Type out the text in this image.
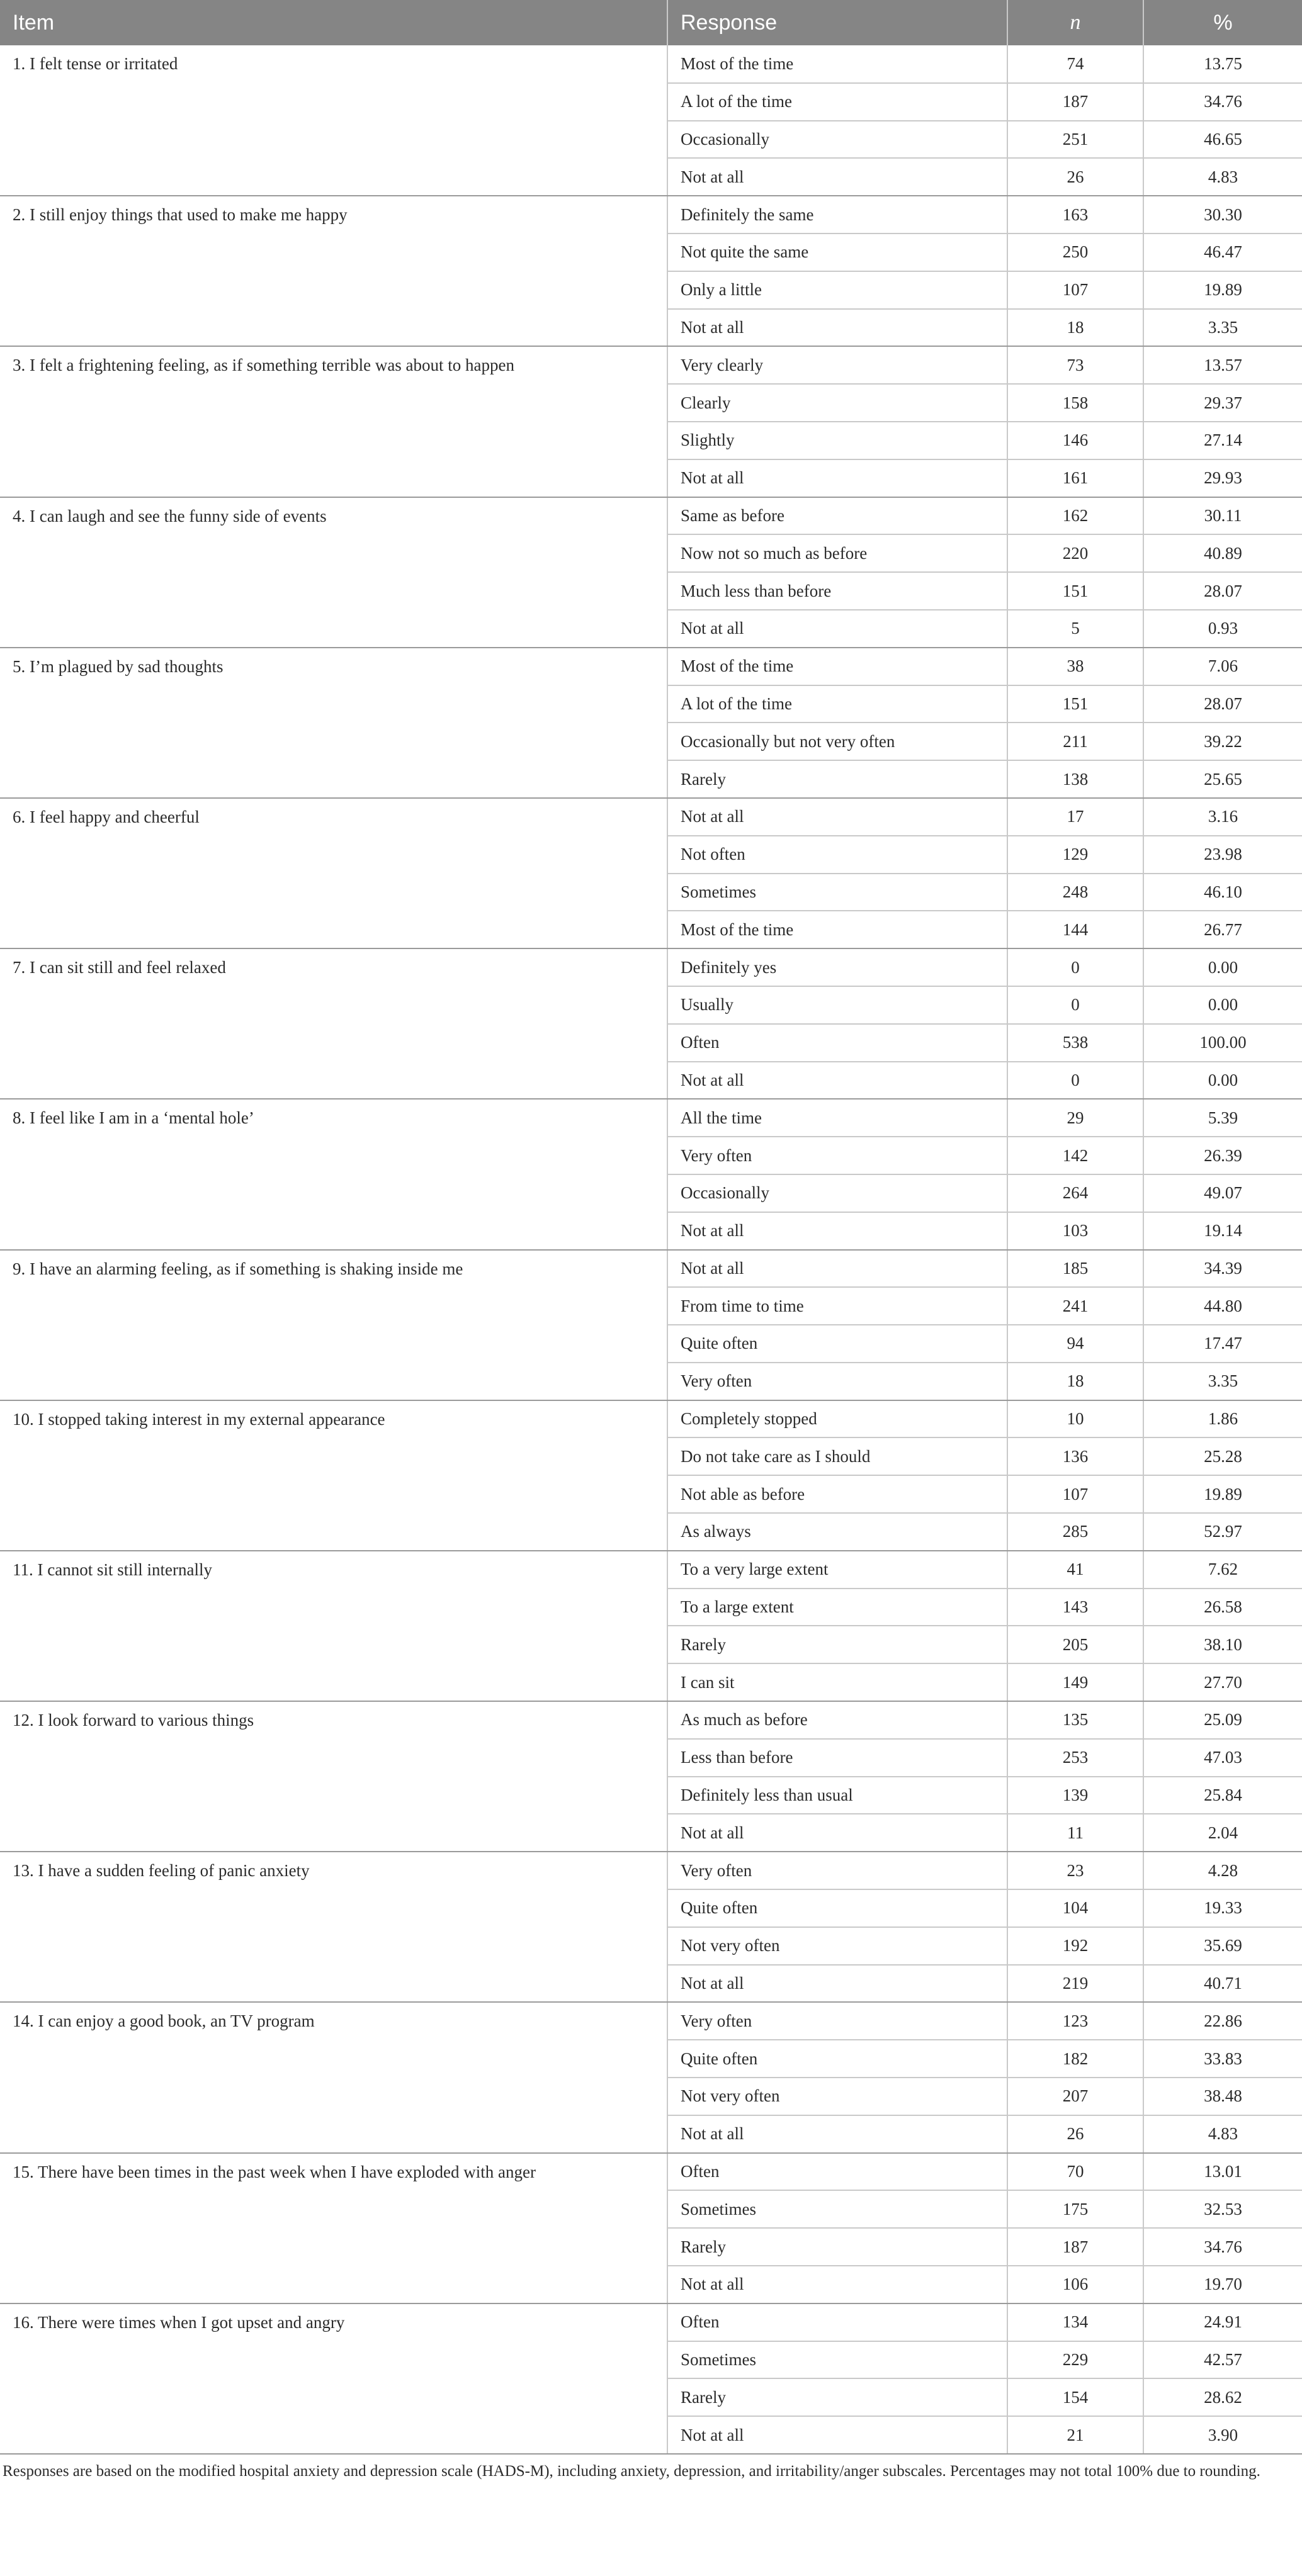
Item	Response	n	%
1. I felt tense or irritated	Most of the time	74	13.75
	A lot of the time	187	34.76
	Occasionally	251	46.65
	Not at all	26	4.83
2. I still enjoy things that used to make me happy	Definitely the same	163	30.30
	Not quite the same	250	46.47
	Only a little	107	19.89
	Not at all	18	3.35
3. I felt a frightening feeling, as if something terrible was about to happen	Very clearly	73	13.57
	Clearly	158	29.37
	Slightly	146	27.14
	Not at all	161	29.93
4. I can laugh and see the funny side of events	Same as before	162	30.11
	Now not so much as before	220	40.89
	Much less than before	151	28.07
	Not at all	5	0.93
5. I’m plagued by sad thoughts	Most of the time	38	7.06
	A lot of the time	151	28.07
	Occasionally but not very often	211	39.22
	Rarely	138	25.65
6. I feel happy and cheerful	Not at all	17	3.16
	Not often	129	23.98
	Sometimes	248	46.10
	Most of the time	144	26.77
7. I can sit still and feel relaxed	Definitely yes	0	0.00
	Usually	0	0.00
	Often	538	100.00
	Not at all	0	0.00
8. I feel like I am in a ‘mental hole’	All the time	29	5.39
	Very often	142	26.39
	Occasionally	264	49.07
	Not at all	103	19.14
9. I have an alarming feeling, as if something is shaking inside me	Not at all	185	34.39
	From time to time	241	44.80
	Quite often	94	17.47
	Very often	18	3.35
10. I stopped taking interest in my external appearance	Completely stopped	10	1.86
	Do not take care as I should	136	25.28
	Not able as before	107	19.89
	As always	285	52.97
11. I cannot sit still internally	To a very large extent	41	7.62
	To a large extent	143	26.58
	Rarely	205	38.10
	I can sit	149	27.70
12. I look forward to various things	As much as before	135	25.09
	Less than before	253	47.03
	Definitely less than usual	139	25.84
	Not at all	11	2.04
13. I have a sudden feeling of panic anxiety	Very often	23	4.28
	Quite often	104	19.33
	Not very often	192	35.69
	Not at all	219	40.71
14. I can enjoy a good book, an TV program	Very often	123	22.86
	Quite often	182	33.83
	Not very often	207	38.48
	Not at all	26	4.83
15. There have been times in the past week when I have exploded with anger	Often	70	13.01
	Sometimes	175	32.53
	Rarely	187	34.76
	Not at all	106	19.70
16. There were times when I got upset and angry	Often	134	24.91
	Sometimes	229	42.57
	Rarely	154	28.62
	Not at all	21	3.90
Responses are based on the modified hospital anxiety and depression scale (HADS-M), including anxiety, depression, and irritability/anger subscales. Percentages may not total 100% due to rounding.
